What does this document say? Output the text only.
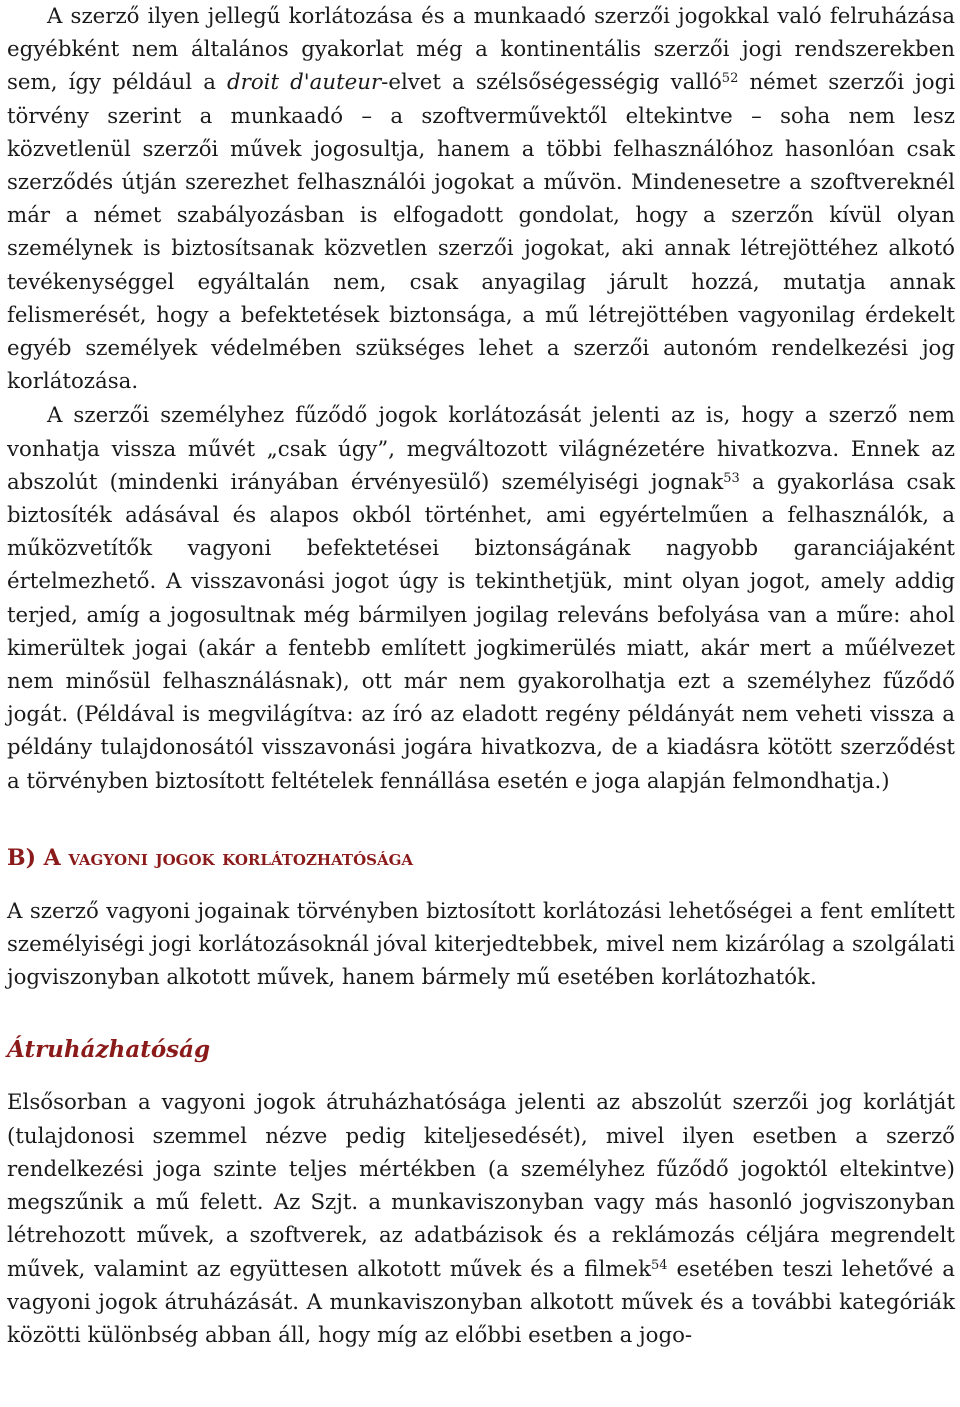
A szerző ilyen jellegű korlátozása és a munkaadó szerzői jogokkal való felruházása egyébként nem általános gyakorlat még a kontinentális szerzői jogi rendszerekben sem, így például a droit d'auteur-elvet a szélsőségességig valló$^{52}$ német szerzői jogi törvény szerint a munkaadó – a szoftverművektől eltekintve – soha nem lesz közvetlenül szerzői művek jogosultja, hanem a többi felhasználóhoz hasonlóan csak szerződés útján szerezhet felhasználói jogokat a művön. Mindenesetre a szoftvereknél már a német szabályozásban is elfogadott gondolat, hogy a szerzőn kívül olyan személynek is biztosítsanak közvetlen szerzői jogokat, aki annak létrejöttéhez alkotó tevékenységgel egyáltalán nem, csak anyagilag járult hozzá, mutatja annak felismerését, hogy a befektetések biztonsága, a mű létrejöttében vagyonilag érdekelt egyéb személyek védelmében szükséges lehet a szerzői autonóm rendelkezési jog korlátozása.

A szerzői személyhez fűződő jogok korlátozását jelenti az is, hogy a szerző nem vonhatja vissza művét „csak úgy”, megváltozott világnézetére hivatkozva. Ennek az abszolút (mindenki irányában érvényesülő) személyiségi jognak$^{53}$ a gyakorlása csak biztosíték adásával és alapos okból történhet, ami egyértelműen a felhasználók, a műközvetítők vagyoni befektetései biztonságának nagyobb garanciájaként értelmezhető. A visszavonási jogot úgy is tekinthetjük, mint olyan jogot, amely addig terjed, amíg a jogosultnak még bármilyen jogilag releváns befolyása van a műre: ahol kimerültek jogai (akár a fentebb említett jogkimerülés miatt, akár mert a műélvezet nem minősül felhasználásnak), ott már nem gyakorolhatja ezt a személyhez fűződő jogát. (Példával is megvilágítva: az író az eladott regény példányát nem veheti vissza a példány tulajdonosától visszavonási jogára hivatkozva, de a kiadásra kötött szerződést a törvényben biztosított feltételek fennállása esetén e joga alapján felmondhatja.)

B) A vagyoni jogok korlátozhatósága

A szerző vagyoni jogainak törvényben biztosított korlátozási lehetőségei a fent említett személyiségi jogi korlátozásoknál jóval kiterjedtebbek, mivel nem kizárólag a szolgálati jogviszonyban alkotott művek, hanem bármely mű esetében korlátozhatók.

Átruházhatóság

Elsősorban a vagyoni jogok átruházhatósága jelenti az abszolút szerzői jog korlátját (tulajdonosi szemmel nézve pedig kiteljesedését), mivel ilyen esetben a szerző rendelkezési joga szinte teljes mértékben (a személyhez fűződő jogoktól eltekintve) megszűnik a mű felett. Az Szjt. a munkaviszonyban vagy más hasonló jogviszonyban létrehozott művek, a szoftverek, az adatbázisok és a reklámozás céljára megrendelt művek, valamint az együttesen alkotott művek és a filmek$^{54}$ esetében teszi lehetővé a vagyoni jogok átruházását. A munkaviszonyban alkotott művek és a további kategóriák közötti különbség abban áll, hogy míg az előbbi esetben a jogo-
